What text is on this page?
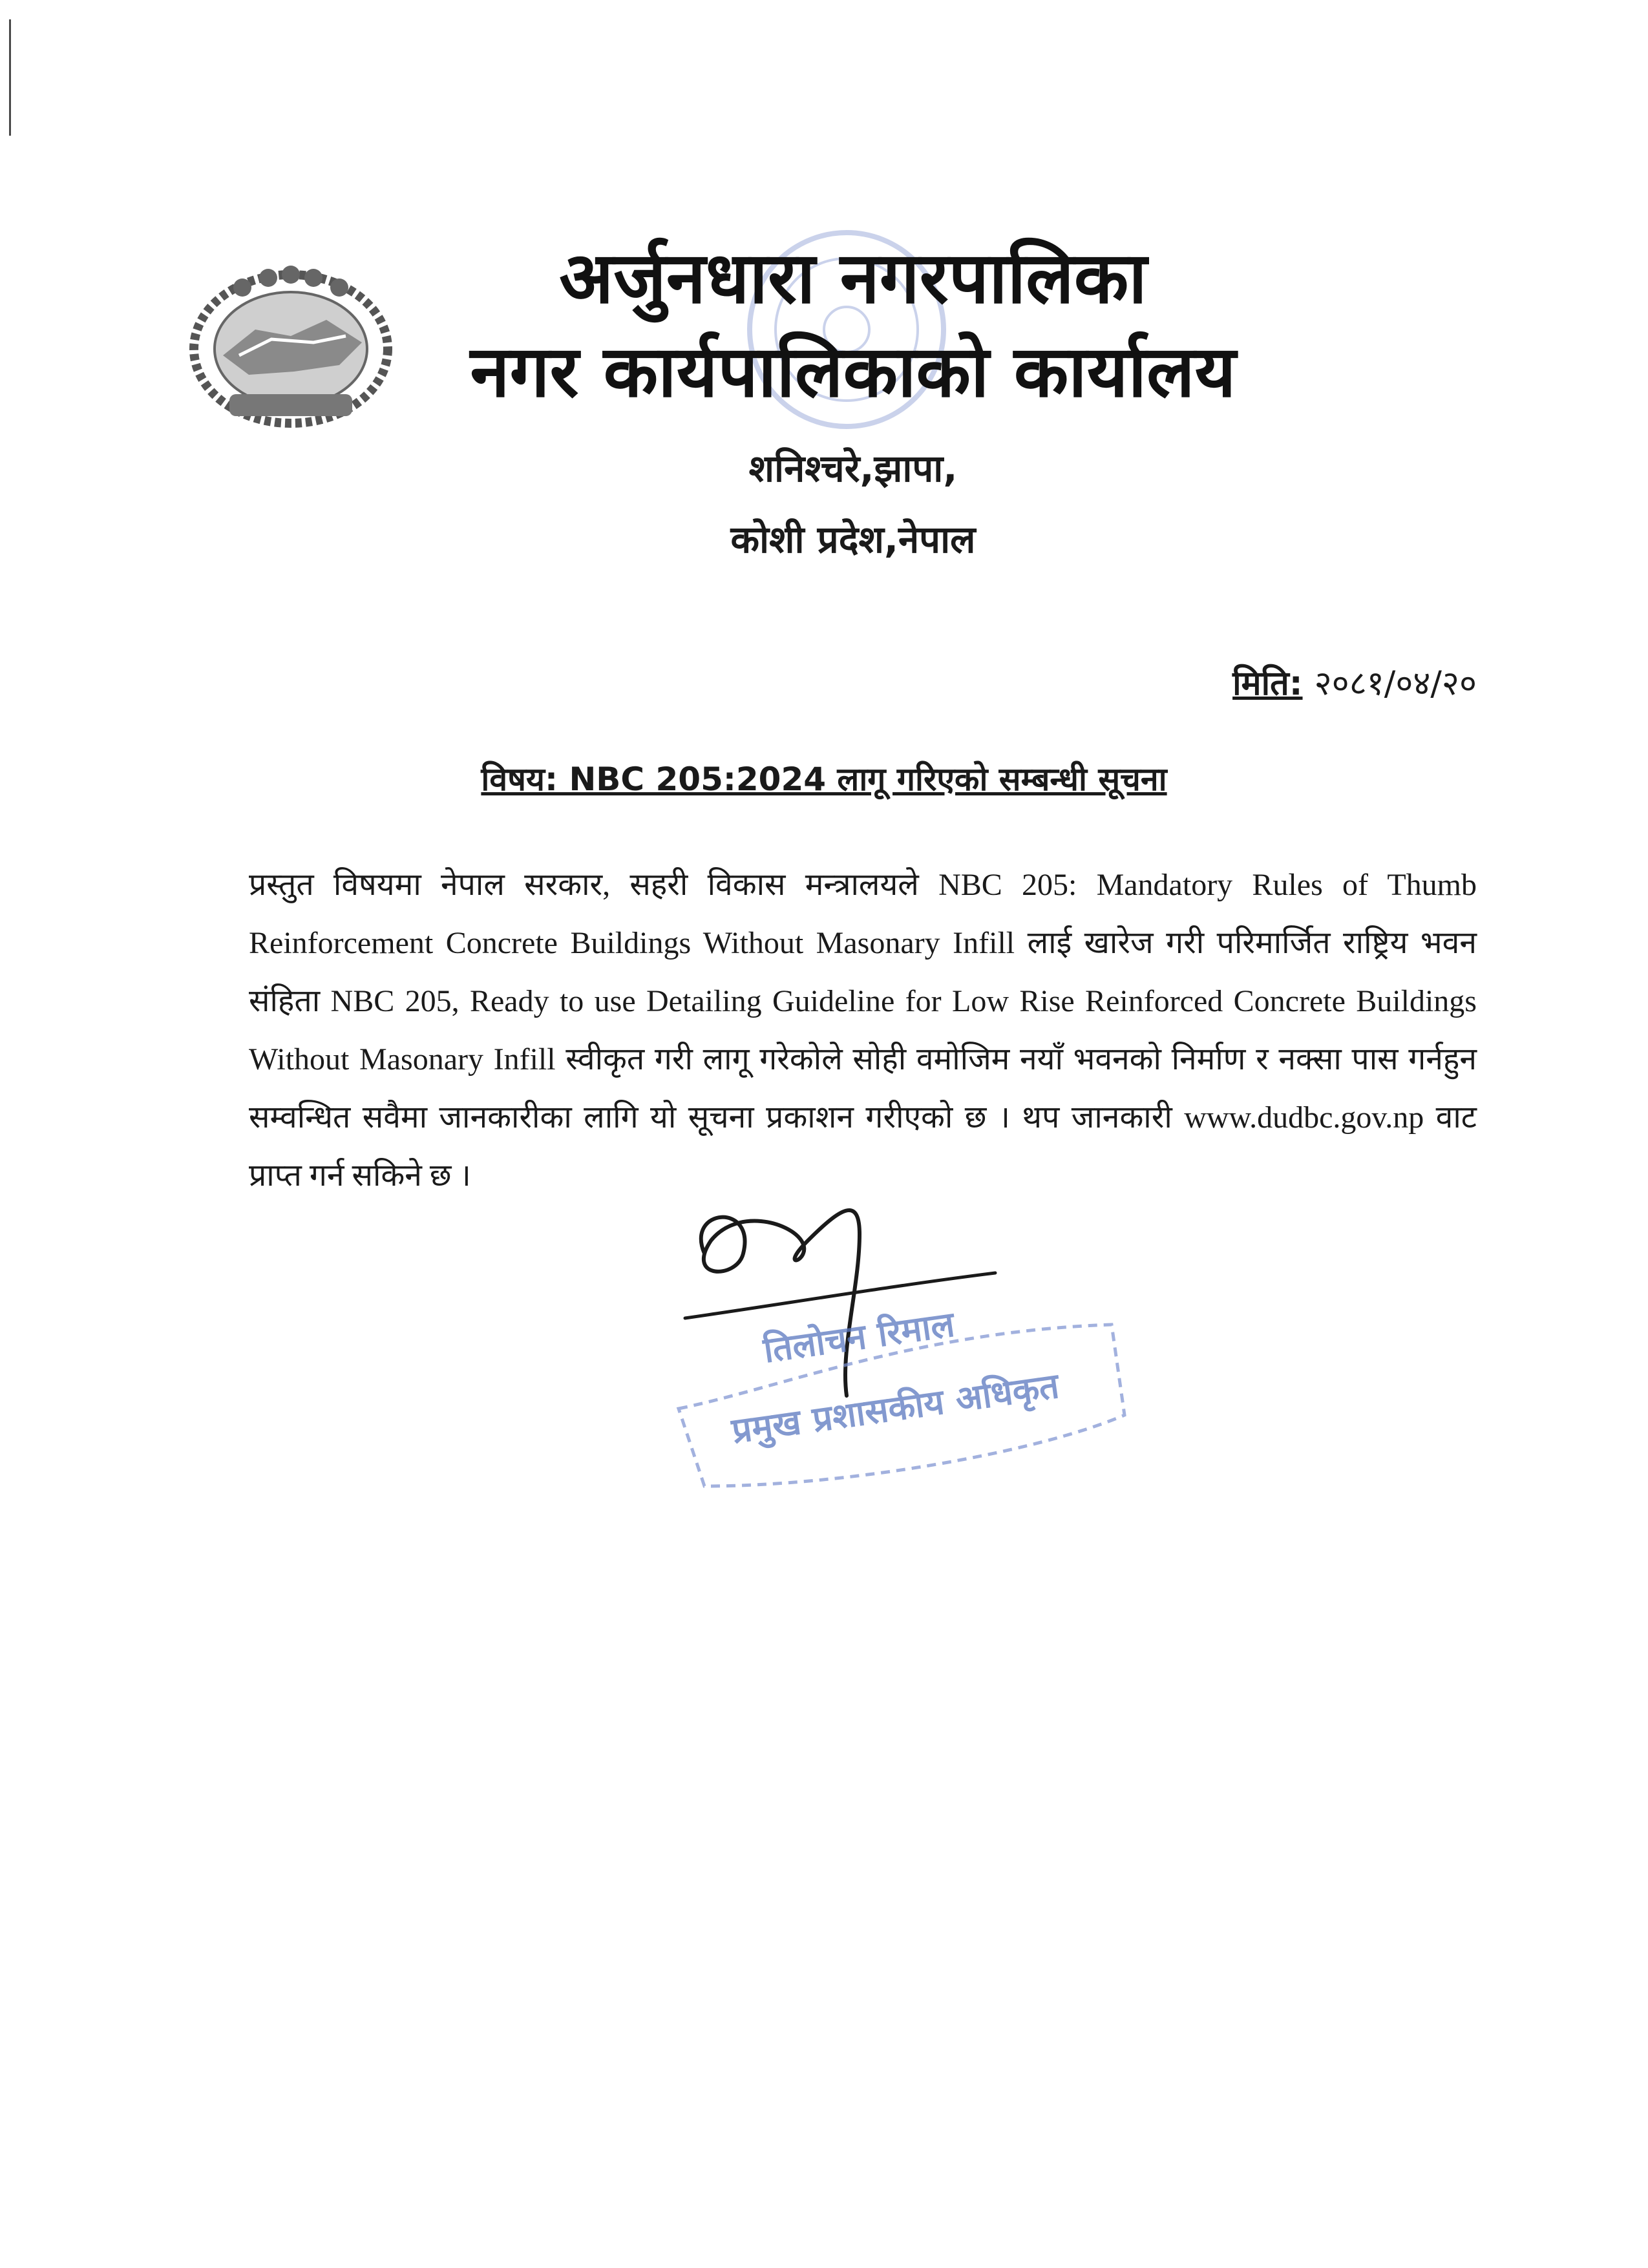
अर्जुनधारा नगरपालिका

नगर कार्यपालिकाको कार्यालय

शनिश्चरे,झापा,

कोशी प्रदेश,नेपाल

मिति: २०८१/०४/२०
विषय: NBC 205:2024 लागू गरिएको सम्बन्धी सूचना

प्रस्तुत विषयमा नेपाल सरकार, सहरी विकास मन्त्रालयले NBC 205: Mandatory Rules of Thumb Reinforcement Concrete Buildings Without Masonary Infill लाई खारेज गरी परिमार्जित राष्ट्रिय भवन संहिता NBC 205, Ready to use Detailing Guideline for Low Rise Reinforced Concrete Buildings Without Masonary Infill स्वीकृत गरी लागू गरेकोले सोही वमोजिम नयाँ भवनको निर्माण र नक्सा पास गर्नहुन सम्वन्धित सवैमा जानकारीका लागि यो सूचना प्रकाशन गरीएको छ । थप जानकारी www.dudbc.gov.np वाट प्राप्त गर्न सकिने छ ।

तिलोचन रिमाल
प्रमुख प्रशासकीय अधिकृत
